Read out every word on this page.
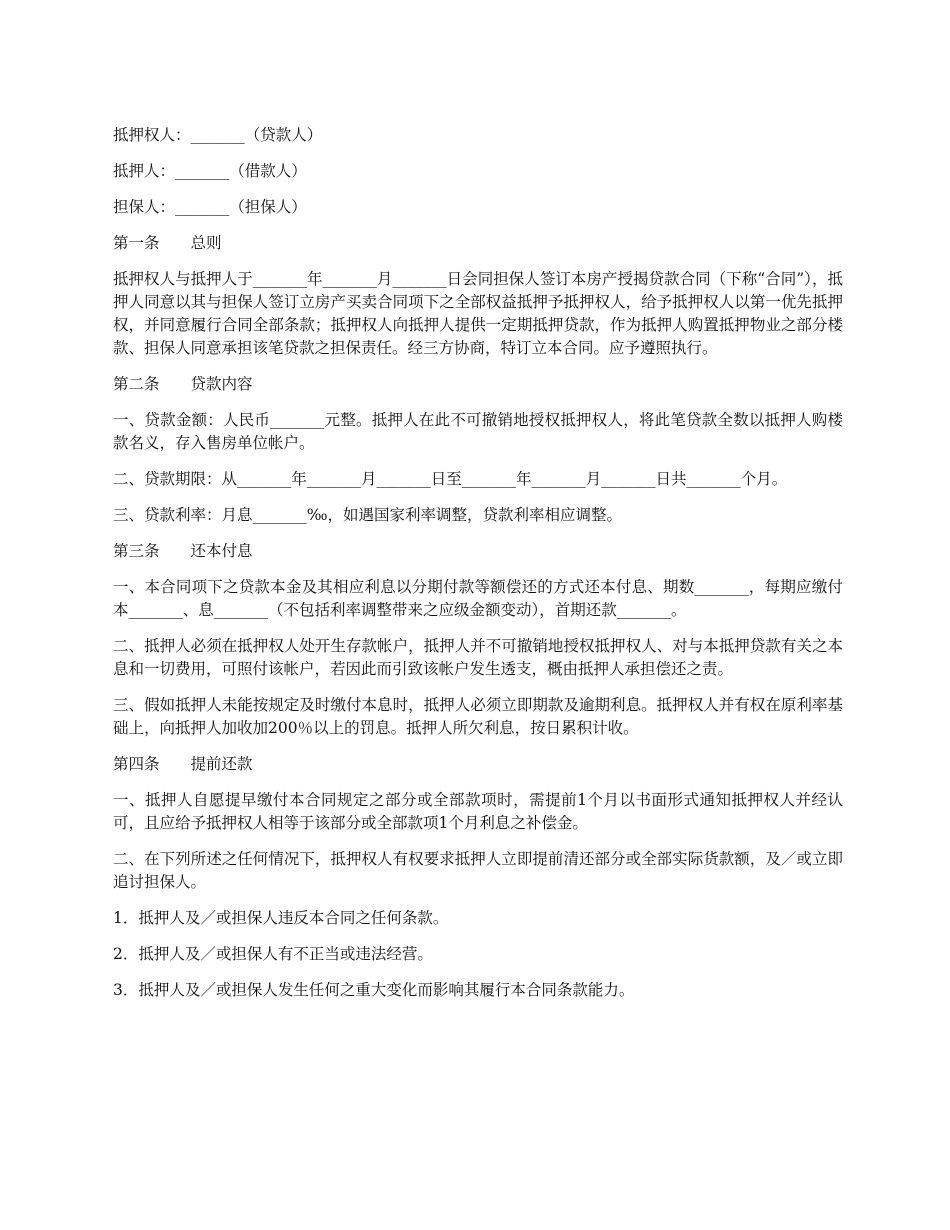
抵押权人：_______（贷款人）

抵押人：_______（借款人）

担保人：_______（担保人）

第一条 总则

抵押权人与抵押人于_______年_______月_______日会同担保人签订本房产授揭贷款合同（下称“合同”），抵押人同意以其与担保人签订立房产买卖合同项下之全部权益抵押予抵押权人，给予抵押权人以第一优先抵押权，并同意履行合同全部条款；抵押权人向抵押人提供一定期抵押贷款，作为抵押人购置抵押物业之部分楼款、担保人同意承担该笔贷款之担保责任。经三方协商，特订立本合同。应予遵照执行。

第二条 贷款内容

一、贷款金额：人民币_______元整。抵押人在此不可撤销地授权抵押权人，将此笔贷款全数以抵押人购楼款名义，存入售房单位帐户。

二、贷款期限：从_______年_______月_______日至_______年_______月_______日共_______个月。

三、贷款利率：月息_______‰，如遇国家利率调整，贷款利率相应调整。

第三条 还本付息

一、本合同项下之贷款本金及其相应利息以分期付款等额偿还的方式还本付息、期数_______，每期应缴付本_______、息_______（不包括利率调整带来之应级金额变动），首期还款_______。

二、抵押人必须在抵押权人处开生存款帐户，抵押人并不可撤销地授权抵押权人、对与本抵押贷款有关之本息和一切费用，可照付该帐户，若因此而引致该帐户发生透支，概由抵押人承担偿还之责。

三、假如抵押人未能按规定及时缴付本息时，抵押人必须立即期款及逾期利息。抵押权人并有权在原利率基础上，向抵押人加收加200％以上的罚息。抵押人所欠利息，按日累积计收。

第四条 提前还款

一、抵押人自愿提早缴付本合同规定之部分或全部款项时，需提前1个月以书面形式通知抵押权人并经认可，且应给予抵押权人相等于该部分或全部款项1个月利息之补偿金。

二、在下列所述之任何情况下，抵押权人有权要求抵押人立即提前清还部分或全部实际货款额，及／或立即追讨担保人。

1．抵押人及／或担保人违反本合同之任何条款。

2．抵押人及／或担保人有不正当或违法经营。

3．抵押人及／或担保人发生任何之重大变化而影响其履行本合同条款能力。
